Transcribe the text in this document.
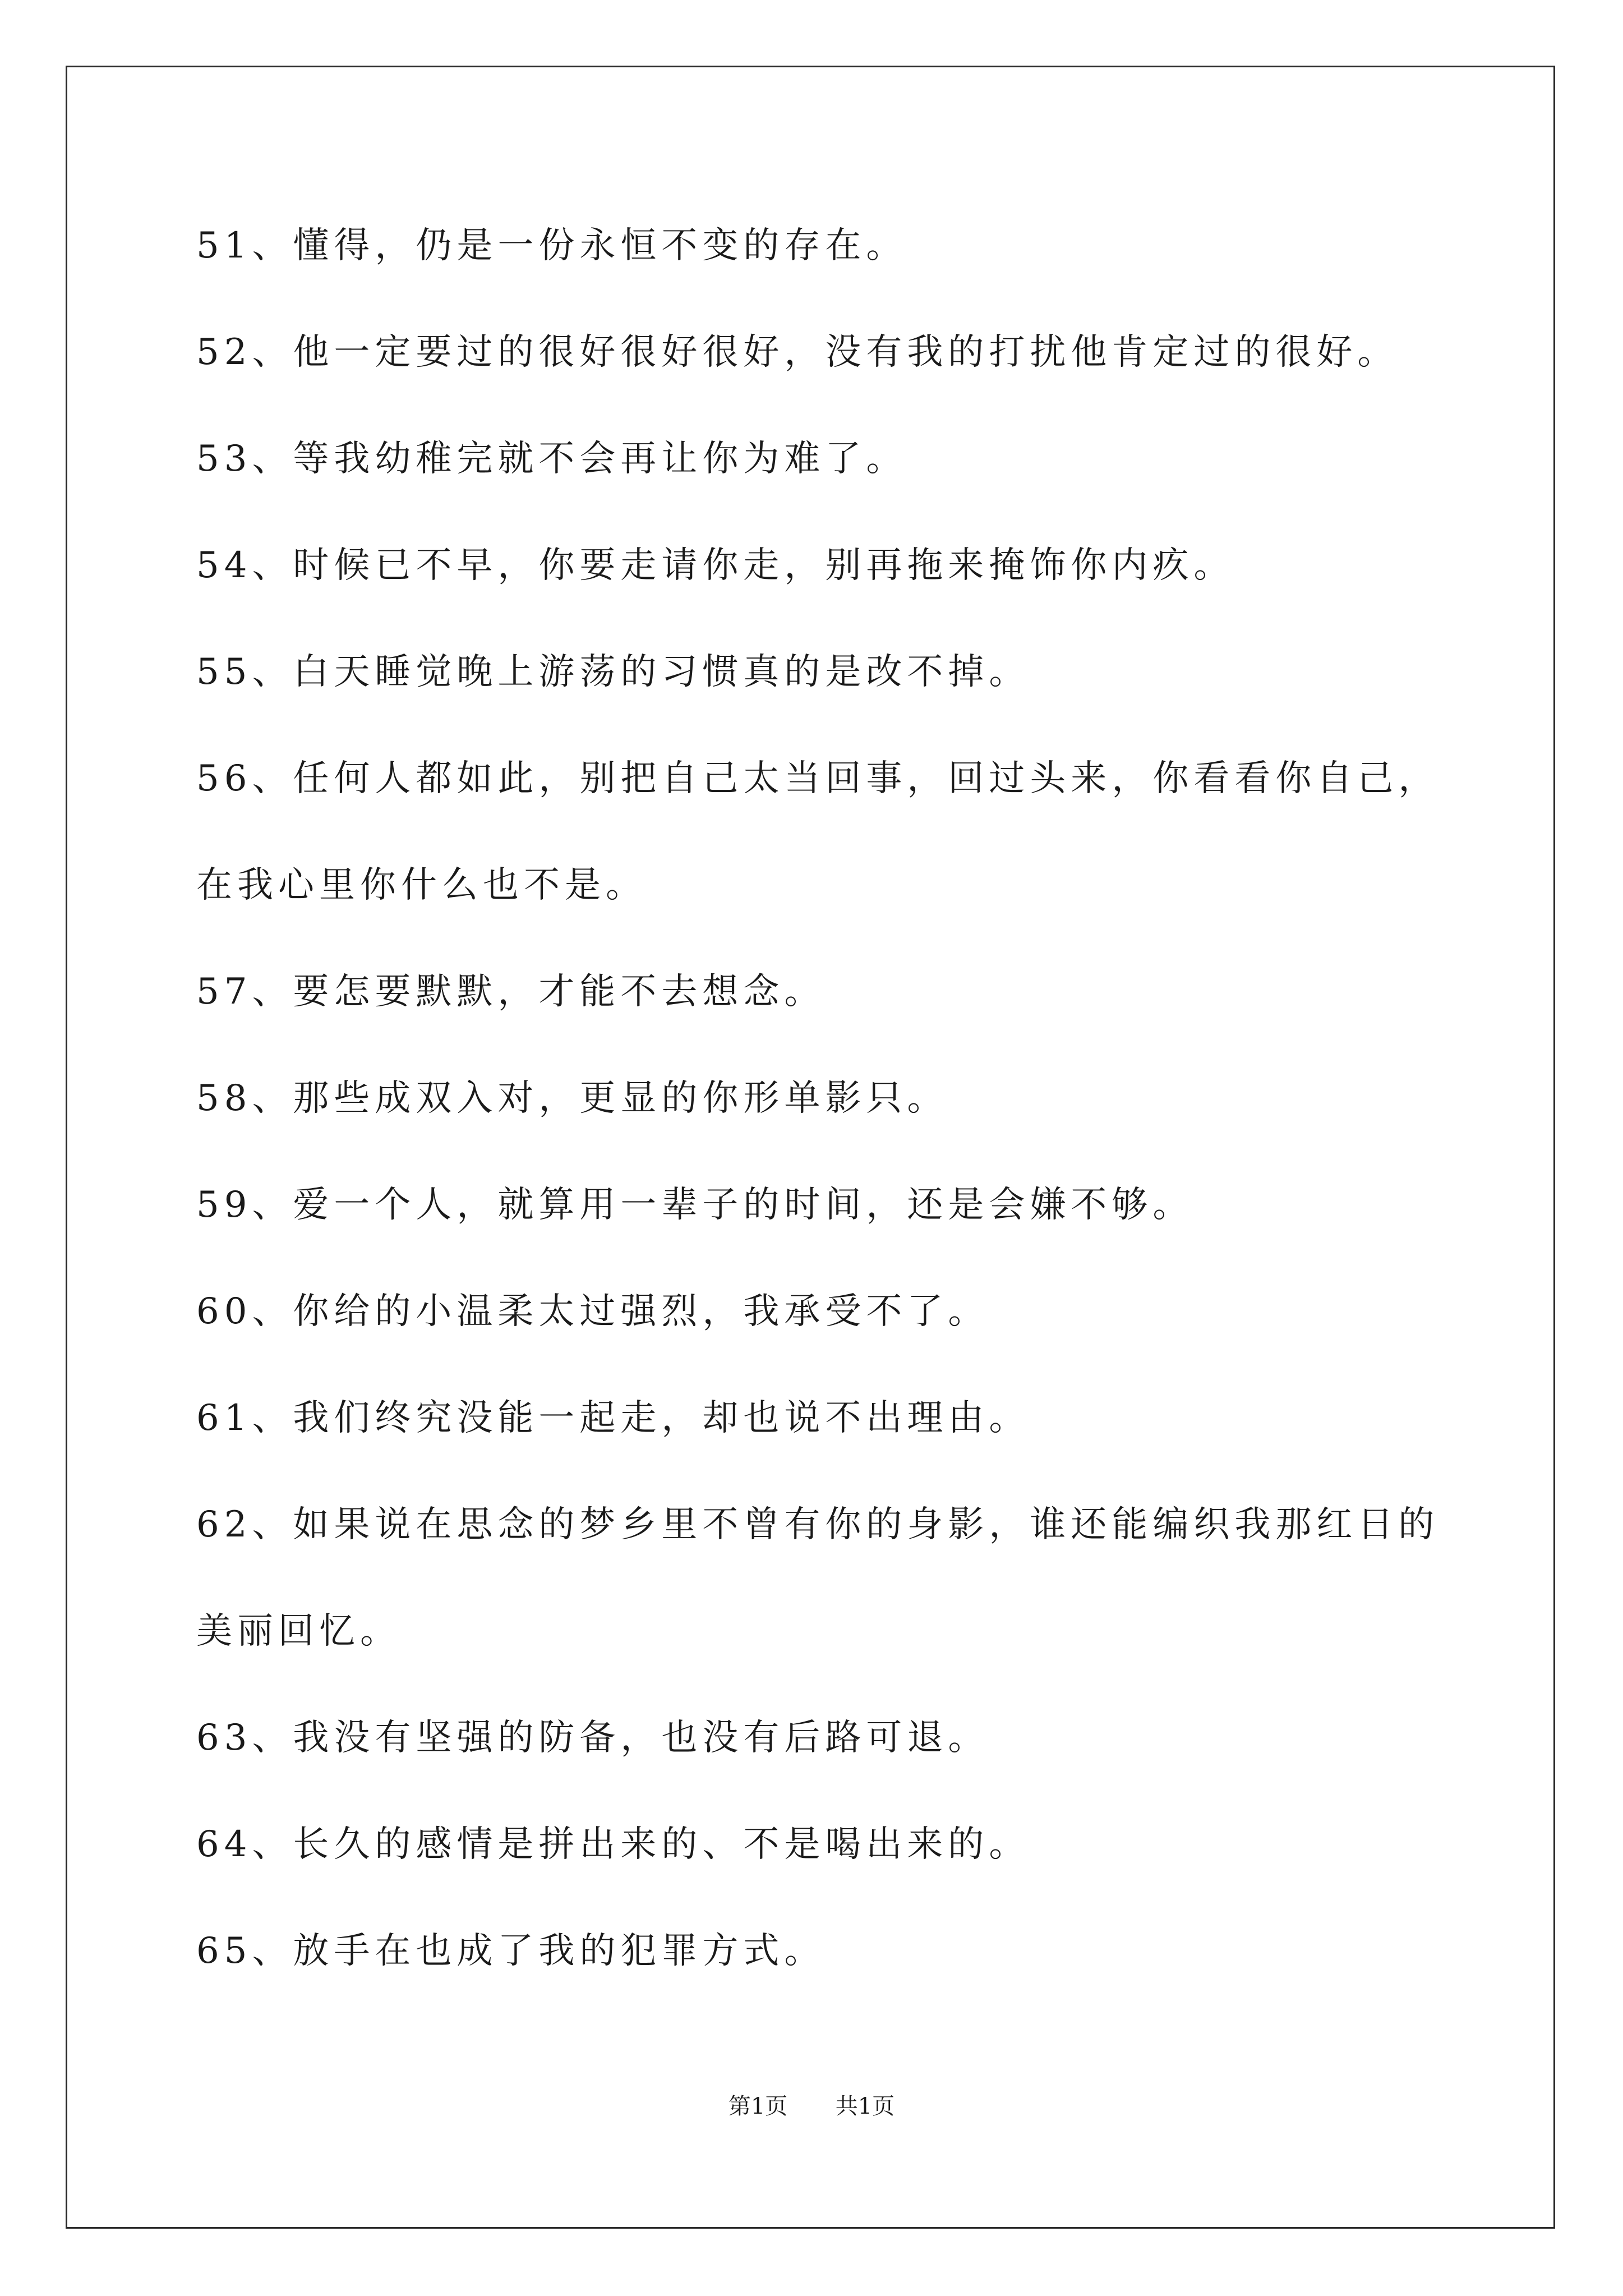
51、懂得，仍是一份永恒不变的存在。
52、他一定要过的很好很好很好，没有我的打扰他肯定过的很好。
53、等我幼稚完就不会再让你为难了。
54、时候已不早，你要走请你走，别再拖来掩饰你内疚。
55、白天睡觉晚上游荡的习惯真的是改不掉。
56、任何人都如此，别把自己太当回事，回过头来，你看看你自己，
在我心里你什么也不是。
57、要怎要默默，才能不去想念。
58、那些成双入对，更显的你形单影只。
59、爱一个人，就算用一辈子的时间，还是会嫌不够。
60、你给的小温柔太过强烈，我承受不了。
61、我们终究没能一起走，却也说不出理由。
62、如果说在思念的梦乡里不曾有你的身影，谁还能编织我那红日的
美丽回忆。
63、我没有坚强的防备，也没有后路可退。
64、长久的感情是拼出来的、不是喝出来的。
65、放手在也成了我的犯罪方式。
第1页 共1页
